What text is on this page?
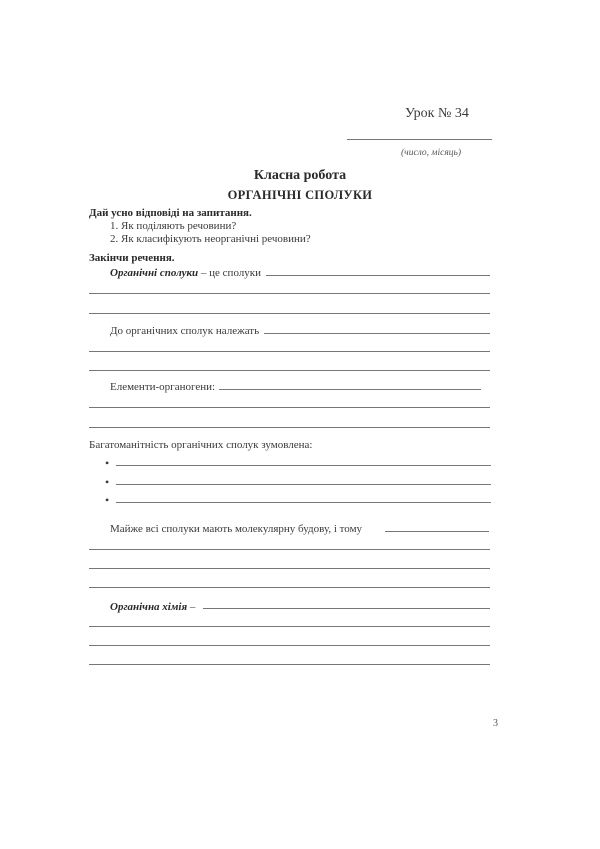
Урок № 34
(число, місяць)
Класна робота
ОРГАНІЧНІ СПОЛУКИ
Дай усно відповіді на запитання.
1. Як поділяють речовини?
2. Як класифікують неорганічні речовини?
Закінчи речення.
Органічні сполуки – це сполуки
До органічних сполук належать
Елементи-органогени:
Багатоманітність органічних сполук зумовлена:
•
•
•
Майже всі сполуки мають молекулярну будову, і тому
Органічна хімія –
3
